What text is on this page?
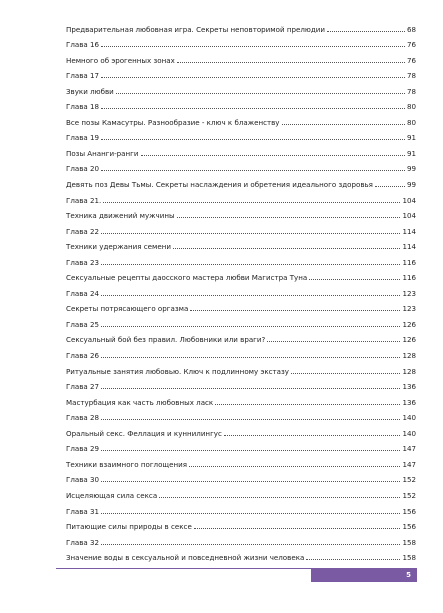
Предварительная любовная игра. Секреты неповторимой прелюдии	68
Глава 16	76
Немного об эрогенных зонах	76
Глава 17	78
Звуки любви	78
Глава 18	80
Все позы Камасутры. Разнообразие - ключ к блаженству	80
Глава 19	91
Позы Ананги-ранги	91
Глава 20	99
Девять поз Девы Тьмы. Секреты наслаждения и обретения идеального здоровья	99
Глава 21.	104
Техника движений мужчины	104
Глава 22	114
Техники удержания семени	114
Глава 23	116
Сексуальные рецепты даосского мастера любви Магистра Туна	116
Глава 24	123
Секреты потрясающего оргазма	123
Глава 25	126
Сексуальный бой без правил. Любовники или враги?	126
Глава 26	128
Ритуальные занятия любовью. Ключ к подлинному экстазу	128
Глава 27	136
Мастурбация как часть любовных ласк	136
Глава 28	140
Оральный секс. Феллация и куннилингус	140
Глава 29	147
Техники взаимного поглощения	147
Глава 30	152
Исцеляющая сила секса	152
Глава 31	156
Питающие силы природы в сексе	156
Глава 32	158
Значение воды в сексуальной и повседневной жизни человека	158
5
